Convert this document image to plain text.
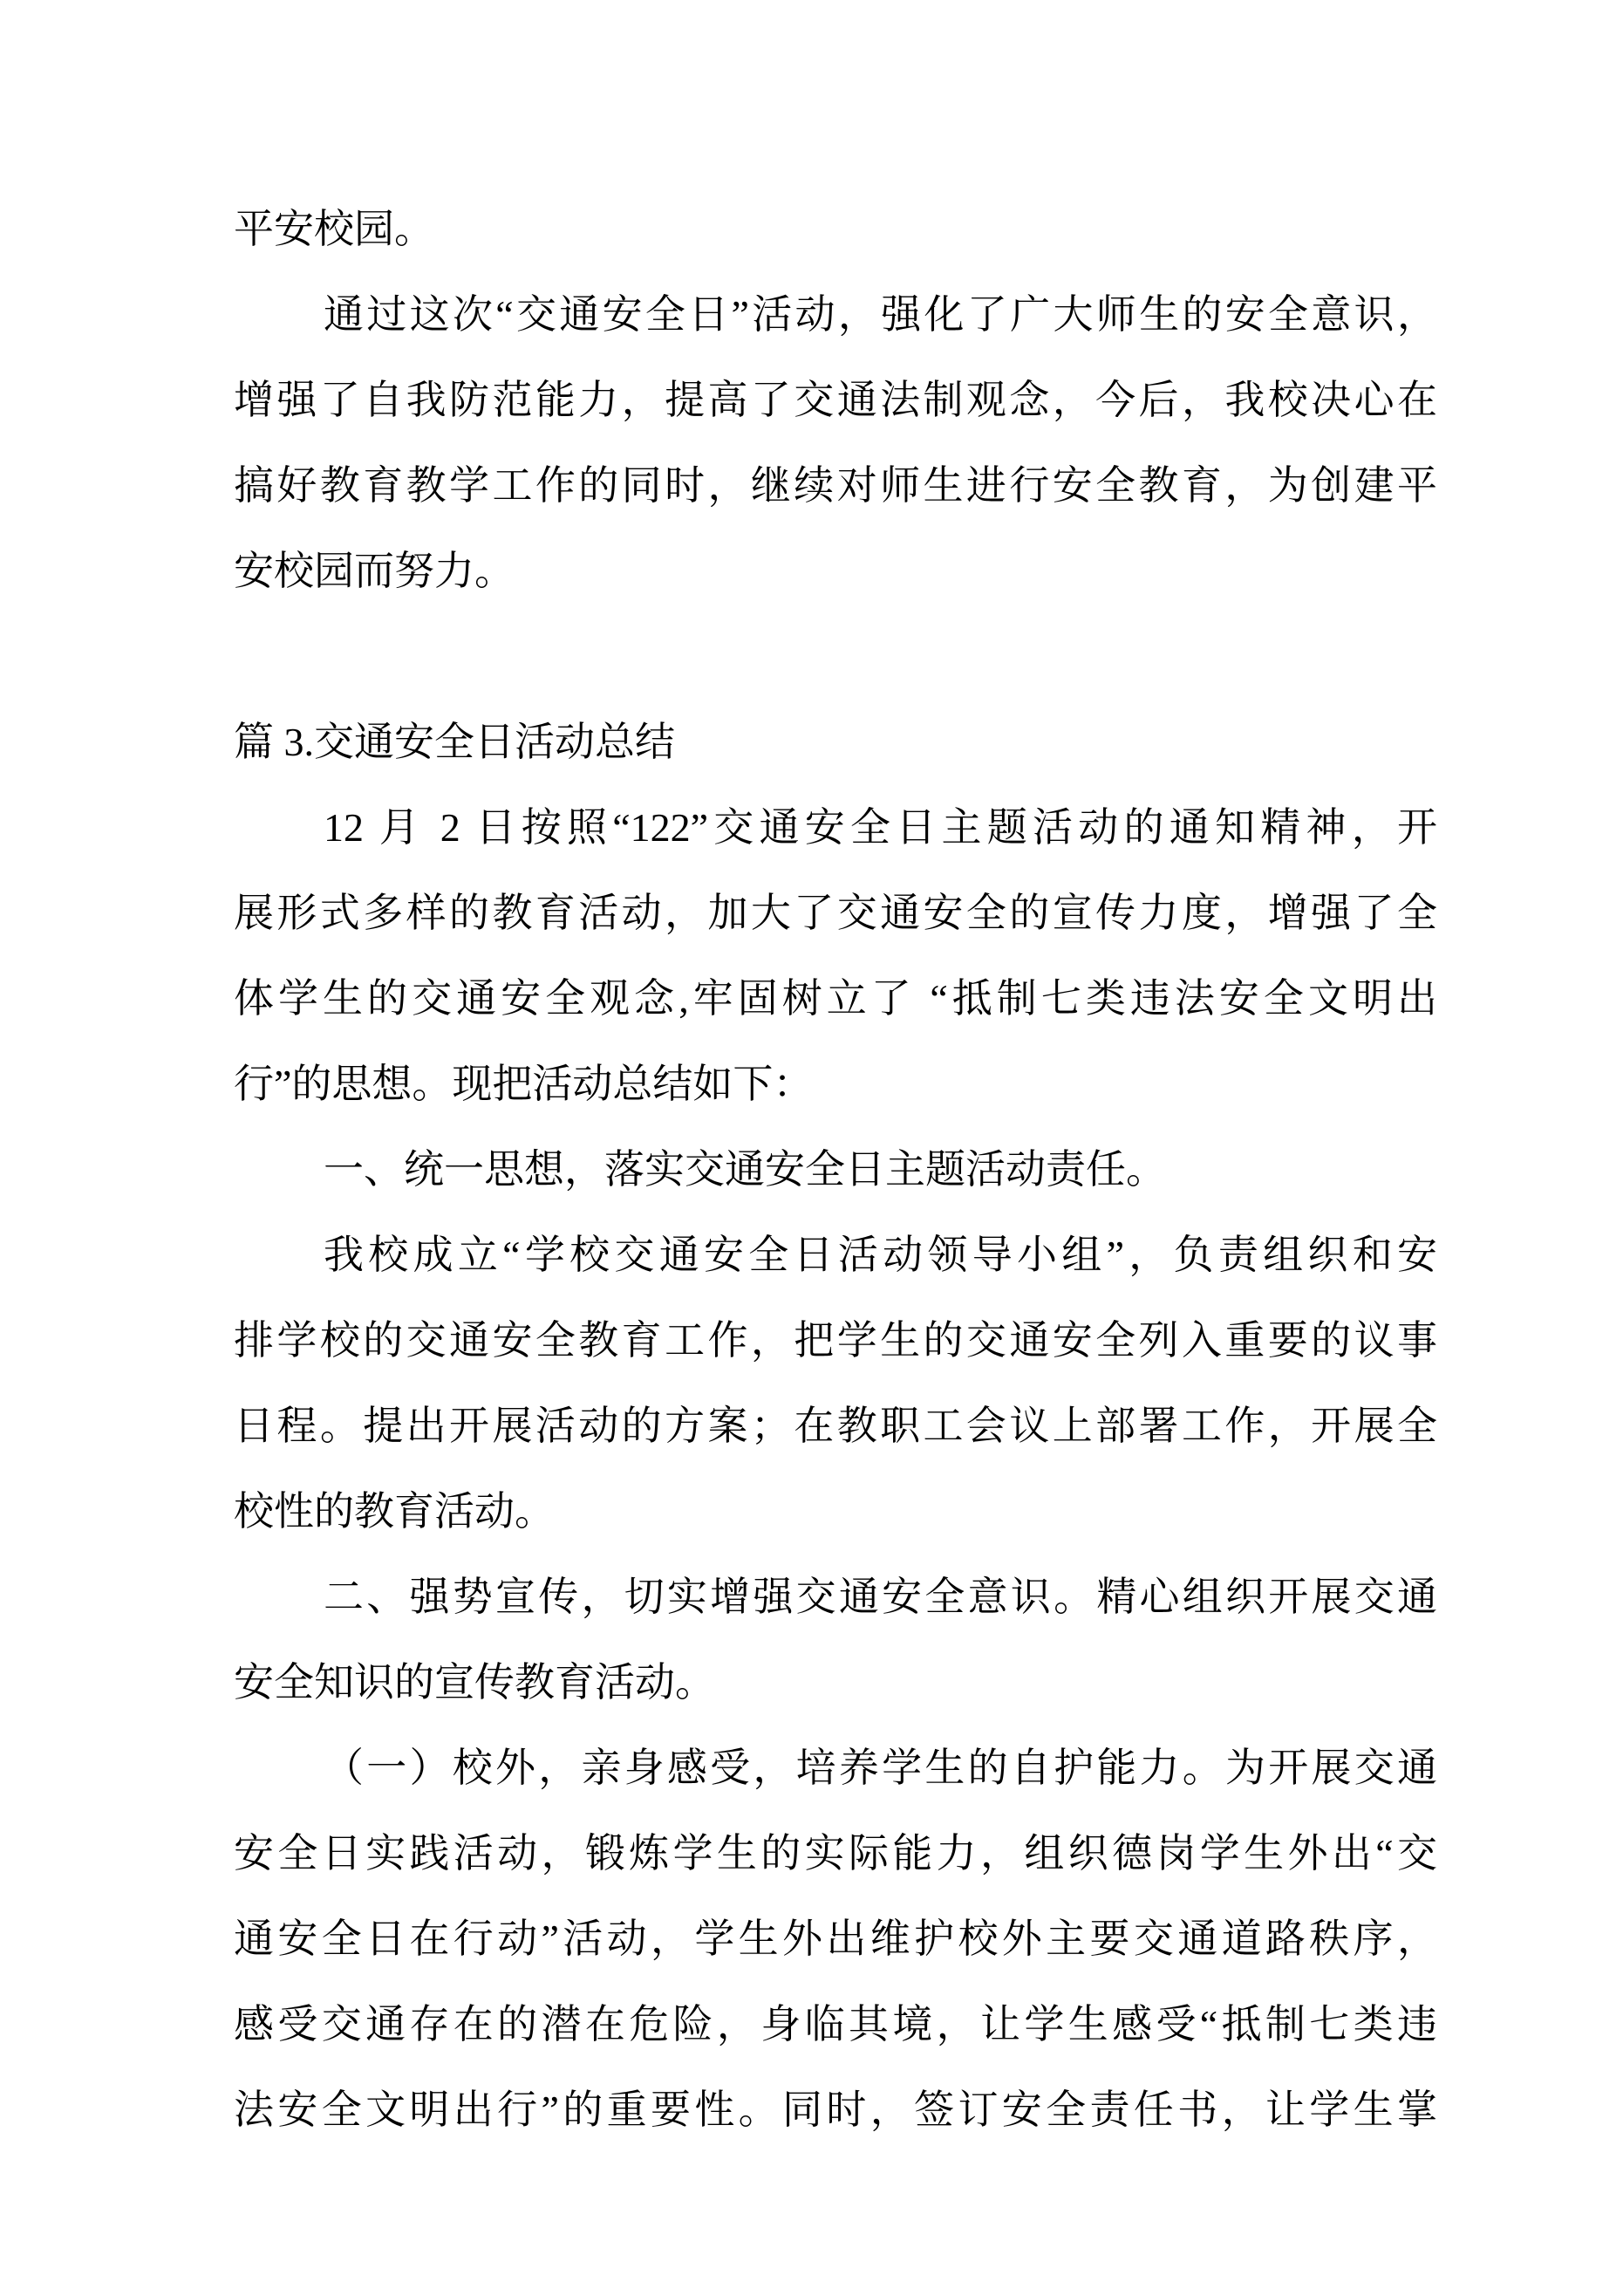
平安校园。
通过这次“交通安全日”活动，强化了广大师生的安全意识，
增强了自我防范能力，提高了交通法制观念，今后，我校决心在
搞好教育教学工作的同时，继续对师生进行安全教育，为创建平
安校园而努力。
篇 3.交通安全日活动总结
12 月 2 日按照“122”交通安全日主题活动的通知精神，开
展形式多样的教育活动，加大了交通安全的宣传力度，增强了全
体学生的交通安全观念,牢固树立了 “抵制七类违法安全文明出
行”的思想。现把活动总结如下：
一、统一思想，落实交通安全日主题活动责任。
我校成立“学校交通安全日活动领导小组”，负责组织和安
排学校的交通安全教育工作，把学生的交通安全列入重要的议事
日程。提出开展活动的方案；在教职工会议上部署工作，开展全
校性的教育活动。
二、强势宣传，切实增强交通安全意识。精心组织开展交通
安全知识的宣传教育活动。
（一）校外，亲身感受，培养学生的自护能力。为开展交通
安全日实践活动，锻炼学生的实际能力，组织德岗学生外出“交
通安全日在行动”活动，学生外出维护校外主要交通道路秩序，
感受交通存在的潜在危险，身临其境，让学生感受“抵制七类违
法安全文明出行”的重要性。同时，签订安全责任书，让学生掌
